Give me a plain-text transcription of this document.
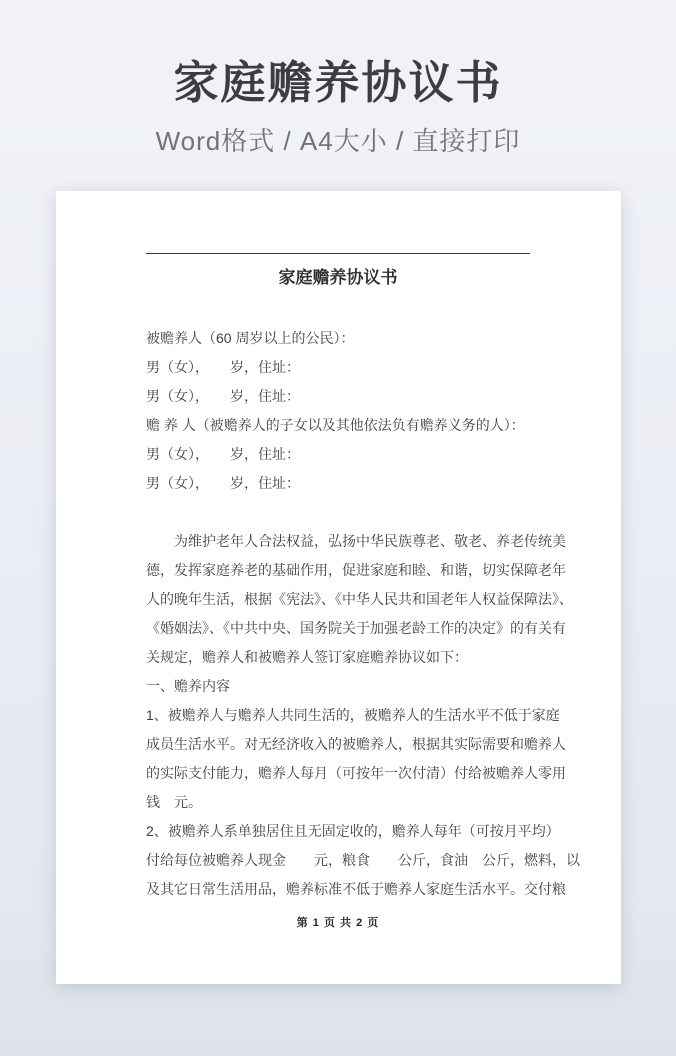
家庭赡养协议书
Word格式 / A4大小 / 直接打印
家庭赡养协议书
被赡养人（60 周岁以上的公民）：
男（女），　　岁，住址：
男（女），　　岁，住址：
赡 养 人（被赡养人的子女以及其他依法负有赡养义务的人）：
男（女），　　岁，住址：
男（女），　　岁，住址：
　　为维护老年人合法权益，弘扬中华民族尊老、敬老、养老传统美
德，发挥家庭养老的基础作用，促进家庭和睦、和谐，切实保障老年
人的晚年生活，根据《宪法》、《中华人民共和国老年人权益保障法》、
《婚姻法》、《中共中央、国务院关于加强老龄工作的决定》的有关有
关规定，赡养人和被赡养人签订家庭赡养协议如下：
一、赡养内容
1、被赡养人与赡养人共同生活的，被赡养人的生活水平不低于家庭
成员生活水平。对无经济收入的被赡养人，根据其实际需要和赡养人
的实际支付能力，赡养人每月（可按年一次付清）付给被赡养人零用
钱　元。
2、被赡养人系单独居住且无固定收的，赡养人每年（可按月平均）
付给每位被赡养人现金　　元，粮食　　公斤，食油　公斤，燃料，以
及其它日常生活用品，赡养标准不低于赡养人家庭生活水平。交付粮
第 1 页 共 2 页
